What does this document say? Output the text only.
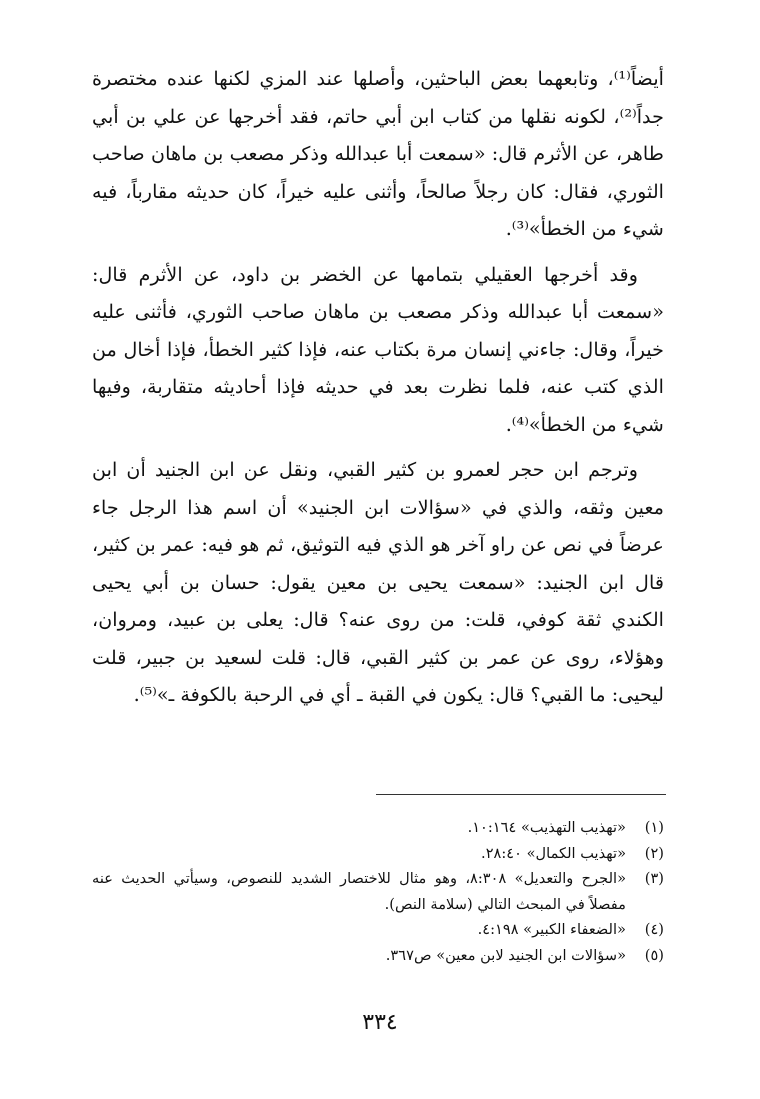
أيضاً⁽¹⁾، وتابعهما بعض الباحثين، وأصلها عند المزي لكنها عنده مختصرة جداً⁽²⁾، لكونه نقلها من كتاب ابن أبي حاتم، فقد أخرجها عن علي بن أبي طاهر، عن الأثرم قال: «سمعت أبا عبدالله وذكر مصعب بن ماهان صاحب الثوري، فقال: كان رجلاً صالحاً، وأثنى عليه خيراً، كان حديثه مقارباً، فيه شيء من الخطأ»⁽³⁾.

وقد أخرجها العقيلي بتمامها عن الخضر بن داود، عن الأثرم قال: «سمعت أبا عبدالله وذكر مصعب بن ماهان صاحب الثوري، فأثنى عليه خيراً، وقال: جاءني إنسان مرة بكتاب عنه، فإذا كثير الخطأ، فإذا أخال من الذي كتب عنه، فلما نظرت بعد في حديثه فإذا أحاديثه متقاربة، وفيها شيء من الخطأ»⁽⁴⁾.

وترجم ابن حجر لعمرو بن كثير القبي، ونقل عن ابن الجنيد أن ابن معين وثقه، والذي في «سؤالات ابن الجنيد» أن اسم هذا الرجل جاء عرضاً في نص عن راو آخر هو الذي فيه التوثيق، ثم هو فيه: عمر بن كثير، قال ابن الجنيد: «سمعت يحيى بن معين يقول: حسان بن أبي يحيى الكندي ثقة كوفي، قلت: من روى عنه؟ قال: يعلى بن عبيد، ومروان، وهؤلاء، روى عن عمر بن كثير القبي، قال: قلت لسعيد بن جبير، قلت ليحيى: ما القبي؟ قال: يكون في القبة ـ أي في الرحبة بالكوفة ـ»⁽⁵⁾.

(١)
«تهذيب التهذيب» ١٠:١٦٤.
(٢)
«تهذيب الكمال» ٢٨:٤٠.
(٣)
«الجرح والتعديل» ٨:٣٠٨، وهو مثال للاختصار الشديد للنصوص، وسيأتي الحديث عنه مفصلاً في المبحث التالي (سلامة النص).
(٤)
«الضعفاء الكبير» ٤:١٩٨.
(٥)
«سؤالات ابن الجنيد لابن معين» ص٣٦٧.
٣٣٤
